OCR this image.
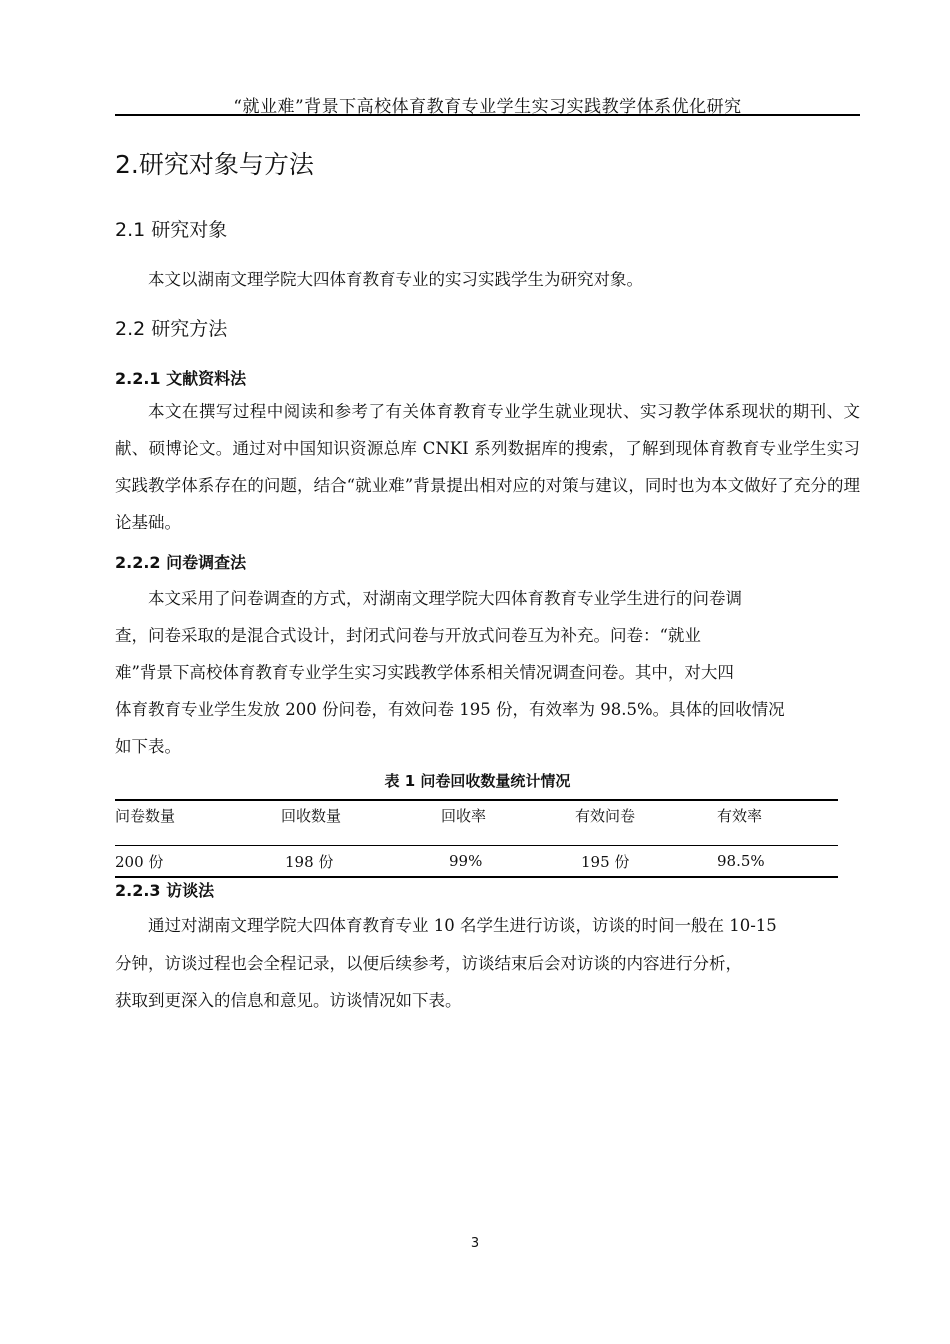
“就业难”背景下高校体育教育专业学生实习实践教学体系优化研究
2.研究对象与方法
2.1 研究对象
本文以湖南文理学院大四体育教育专业的实习实践学生为研究对象。
2.2 研究方法
2.2.1 文献资料法

本文在撰写过程中阅读和参考了有关体育教育专业学生就业现状、实习教学体系现状的期刊、文献、硕博论文。通过对中国知识资源总库 CNKI 系列数据库的搜索，了解到现体育教育专业学生实习实践教学体系存在的问题，结合“就业难”背景提出相对应的对策与建议，同时也为本文做好了充分的理论基础。

2.2.2 问卷调查法
本文采用了问卷调查的方式，对湖南文理学院大四体育教育专业学生进行的问卷调
查，问卷采取的是混合式设计，封闭式问卷与开放式问卷互为补充。问卷：“就业
难”背景下高校体育教育专业学生实习实践教学体系相关情况调查问卷。其中，对大四
体育教育专业学生发放 200 份问卷，有效问卷 195 份，有效率为 98.5%。具体的回收情况
如下表。
表 1 问卷回收数量统计情况
问卷数量	回收数量	回收率	有效问卷	有效率
200 份	198 份	99%	195 份	98.5%
2.2.3 访谈法
通过对湖南文理学院大四体育教育专业 10 名学生进行访谈，访谈的时间一般在 10-15
分钟，访谈过程也会全程记录，以便后续参考，访谈结束后会对访谈的内容进行分析，
获取到更深入的信息和意见。访谈情况如下表。
3
